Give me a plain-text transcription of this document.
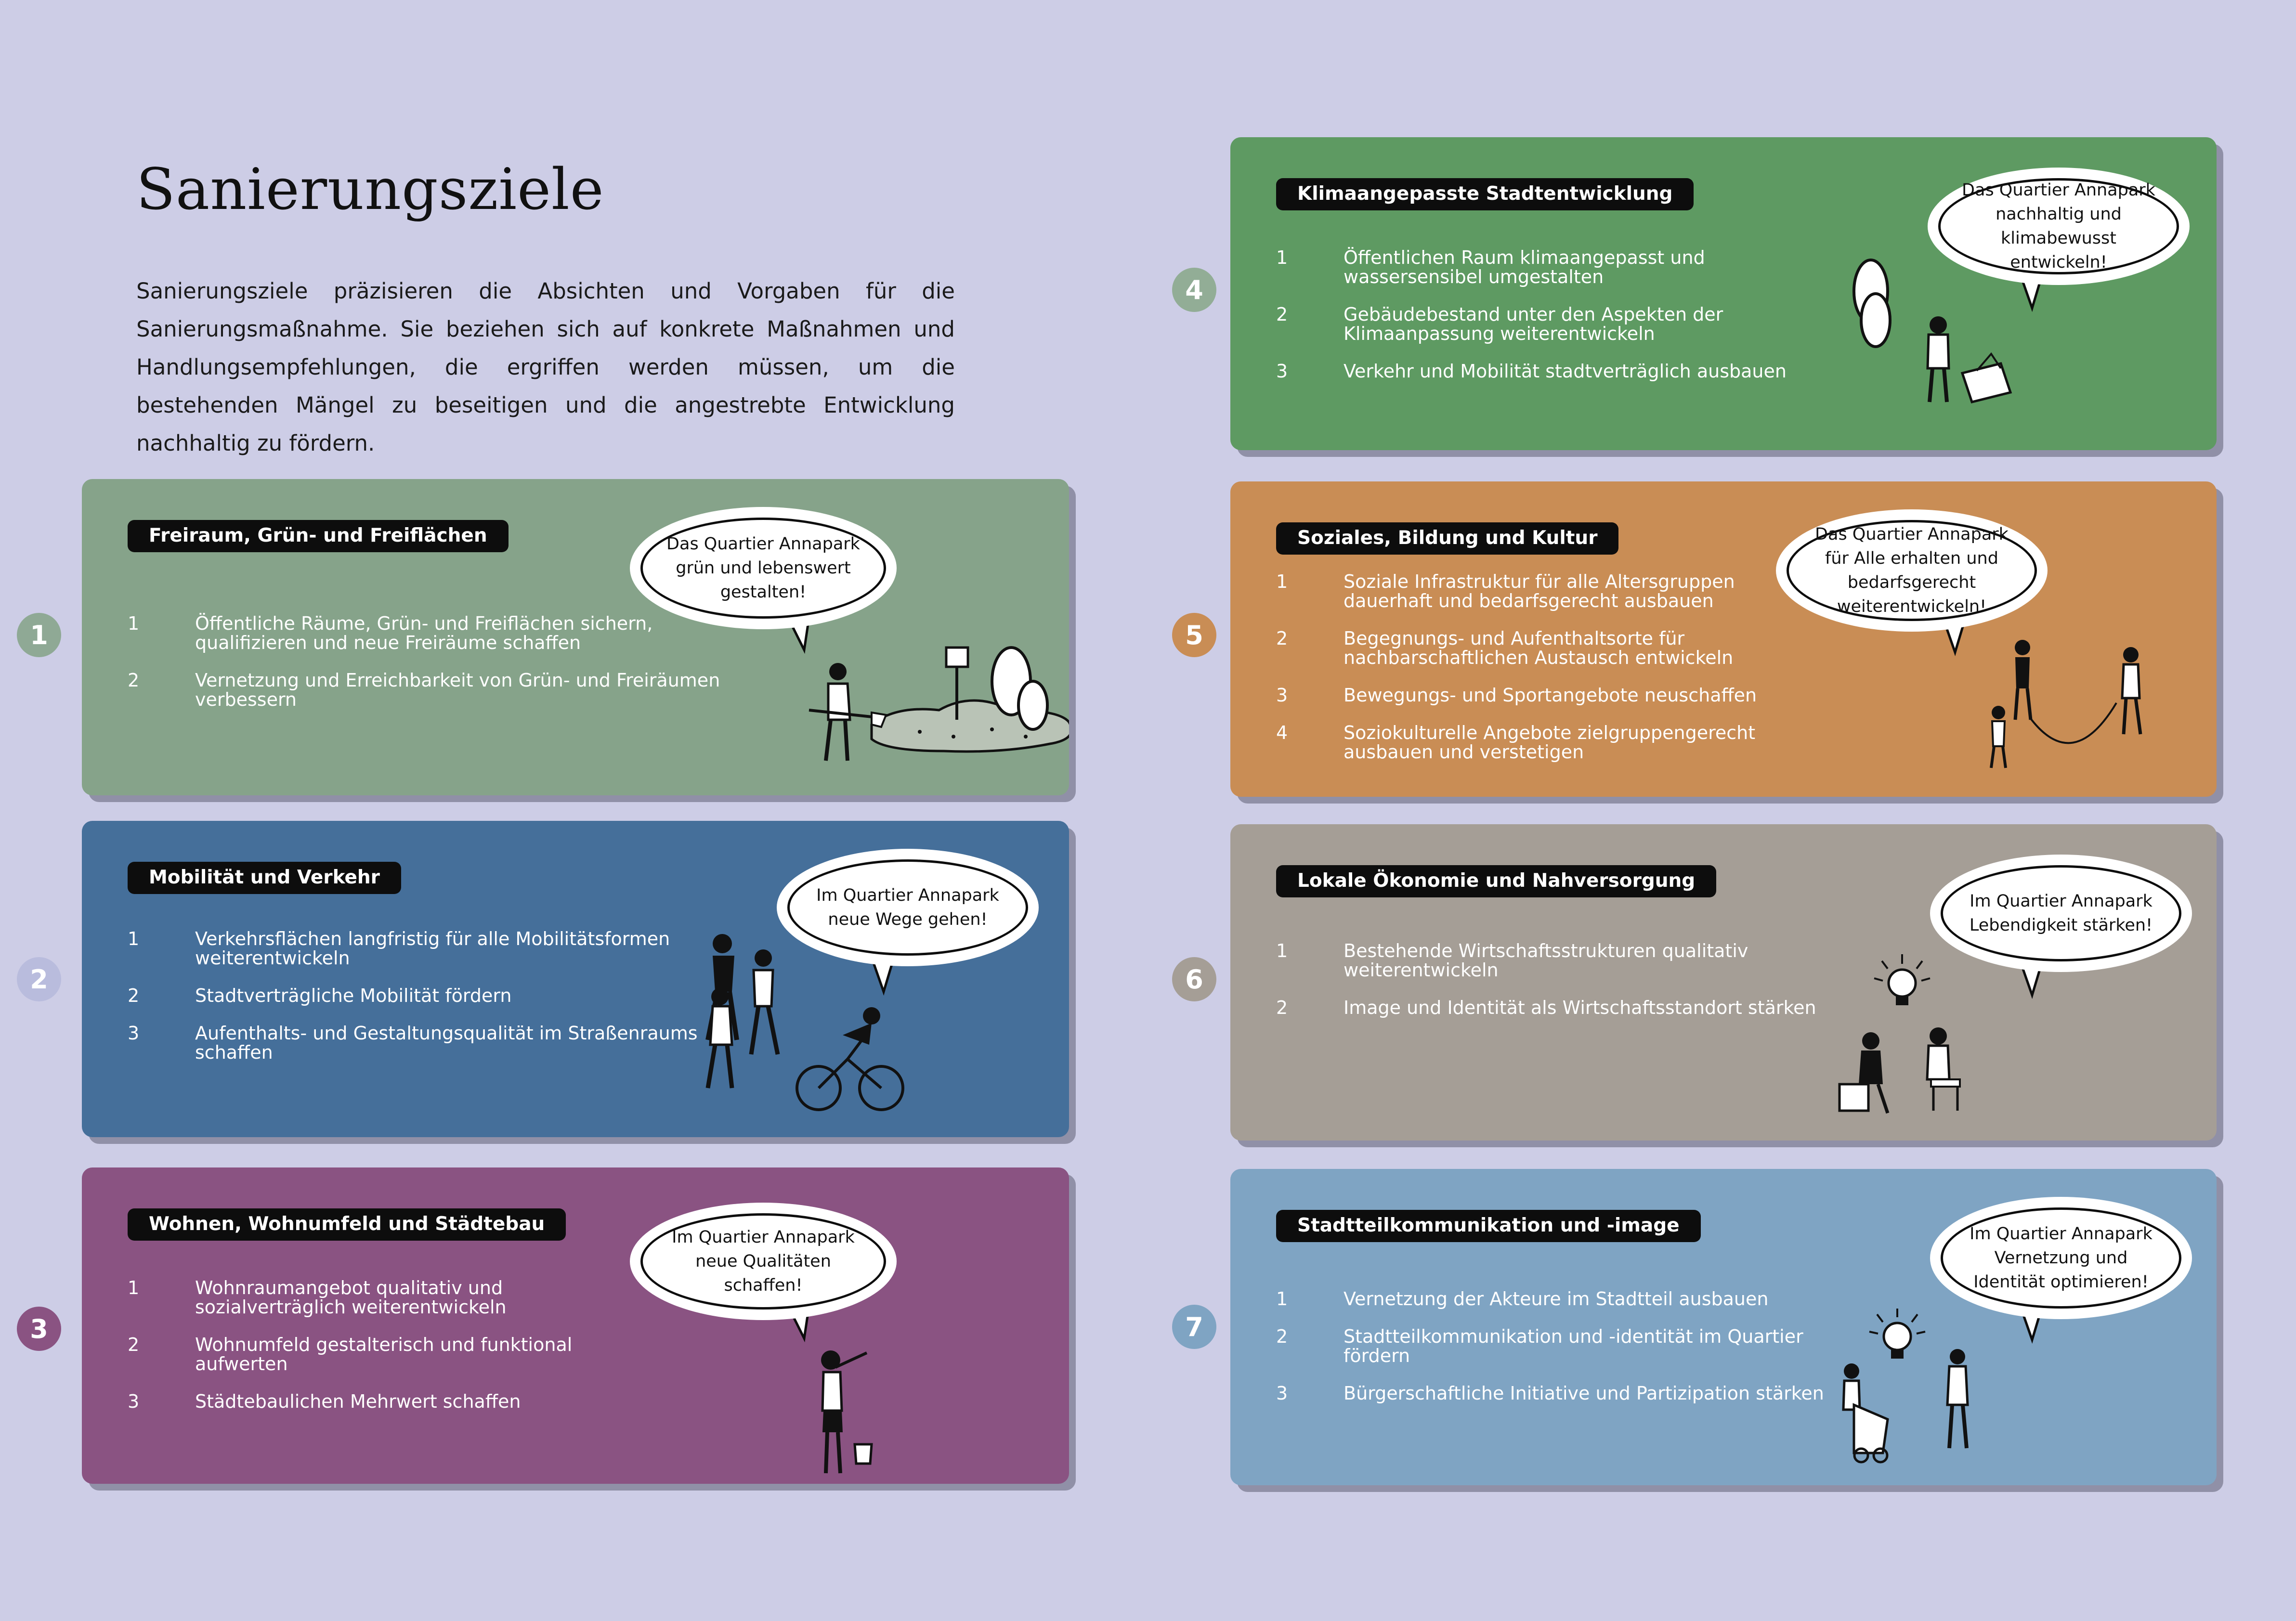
Sanierungsziele

Sanierungsziele präzisieren die Absichten und Vorgaben für die Sanierungsmaßnahme. Sie beziehen sich auf konkrete Maßnahmen und Handlungsempfehlungen, die ergriffen werden müssen, um die bestehenden Mängel zu beseitigen und die angestrebte Entwicklung nachhaltig zu fördern.

1
Freiraum, Grün- und Freiflächen
1	Öffentliche Räume, Grün- und Freiflächen sichern, qualifizieren und neue Freiräume schaffen
2	Vernetzung und Erreichbarkeit von Grün- und Freiräumen verbessern
Das Quartier Annapark grün und lebenswert gestalten!
2
Mobilität und Verkehr
1	Verkehrsflächen langfristig für alle Mobilitätsformen weiterentwickeln
2	Stadtverträgliche Mobilität fördern
3	Aufenthalts- und Gestaltungsqualität im Straßenraums schaffen
Im Quartier Annapark neue Wege gehen!
3
Wohnen, Wohnumfeld und Städtebau
1	Wohnraumangebot qualitativ und sozialverträglich weiterentwickeln
2	Wohnumfeld gestalterisch und funktional aufwerten
3	Städtebaulichen Mehrwert schaffen
Im Quartier Annapark neue Qualitäten schaffen!
4
Klimaangepasste Stadtentwicklung
1	Öffentlichen Raum klimaangepasst und wassersensibel umgestalten
2	Gebäudebestand unter den Aspekten der Klimaanpassung weiterentwickeln
3	Verkehr und Mobilität stadtverträglich ausbauen
Das Quartier Annapark nachhaltig und klimabewusst entwickeln!
5
Soziales, Bildung und Kultur
1	Soziale Infrastruktur für alle Altersgruppen dauerhaft und bedarfsgerecht ausbauen
2	Begegnungs- und Aufenthaltsorte für nachbarschaftlichen Austausch entwickeln
3	Bewegungs- und Sportangebote neuschaffen
4	Soziokulturelle Angebote zielgruppengerecht ausbauen und verstetigen
Das Quartier Annapark für Alle erhalten und bedarfsgerecht weiterentwickeln!
6
Lokale Ökonomie und Nahversorgung
1	Bestehende Wirtschaftsstrukturen qualitativ weiterentwickeln
2	Image und Identität als Wirtschaftsstandort stärken
Im Quartier Annapark Lebendigkeit stärken!
7
Stadtteilkommunikation und -image
1	Vernetzung der Akteure im Stadtteil ausbauen
2	Stadtteilkommunikation und -identität im Quartier fördern
3	Bürgerschaftliche Initiative und Partizipation stärken
Im Quartier Annapark Vernetzung und Identität optimieren!
